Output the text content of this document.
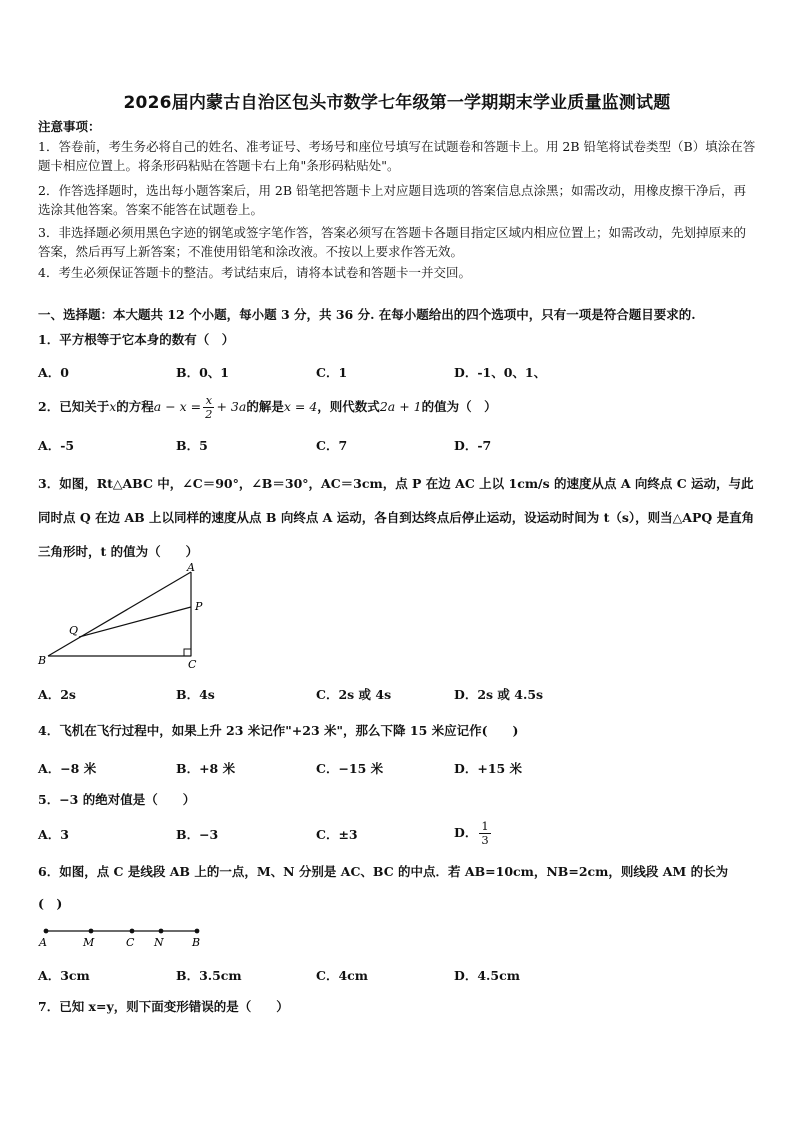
2026届内蒙古自治区包头市数学七年级第一学期期末学业质量监测试题
注意事项：
1．答卷前，考生务必将自己的姓名、准考证号、考场号和座位号填写在试题卷和答题卡上。用 2B 铅笔将试卷类型（B）填涂在答题卡相应位置上。将条形码粘贴在答题卡右上角"条形码粘贴处"。
2．作答选择题时，选出每小题答案后，用 2B 铅笔把答题卡上对应题目选项的答案信息点涂黑；如需改动，用橡皮擦干净后，再选涂其他答案。答案不能答在试题卷上。
3．非选择题必须用黑色字迹的钢笔或签字笔作答，答案必须写在答题卡各题目指定区域内相应位置上；如需改动，先划掉原来的答案，然后再写上新答案；不准使用铅笔和涂改液。不按以上要求作答无效。
4．考生必须保证答题卡的整洁。考试结束后，请将本试卷和答题卡一并交回。
一、选择题：本大题共 12 个小题，每小题 3 分，共 36 分. 在每小题给出的四个选项中，只有一项是符合题目要求的.
1．平方根等于它本身的数有（　）
A．0	B．0、1	C．1	D．-1、0、1、
2．已知关于x的方程$a - x = \frac{x}{2} + 3a$的解是x = 4，则代数式2a + 1的值为（　）
A．-5	B．5	C．7	D．-7
3．如图，Rt△ABC 中，∠C＝90°，∠B＝30°，AC＝3cm，点 P 在边 AC 上以 1cm/s 的速度从点 A 向终点 C 运动，与此同时点 Q 在边 AB 上以同样的速度从点 B 向终点 A 运动，各自到达终点后停止运动，设运动时间为 t（s），则当△APQ 是直角三角形时，t 的值为（　　）
A
B	C
P
Q
A．2s	B．4s	C．2s 或 4s	D．2s 或 4.5s
4．飞机在飞行过程中，如果上升 23 米记作"+23 米"，那么下降 15 米应记作(　　)
A．−8 米	B．+8 米	C．−15 米	D．+15 米
5．−3 的绝对值是（　　）
A．3	B．−3	C．±3	D． $\frac{1}{3}$
6．如图，点 C 是线段 AB 上的一点，M、N 分别是 AC、BC 的中点．若 AB=10cm，NB=2cm，则线段 AM 的长为
(　)
A	M	C N	B
A．3cm	B．3.5cm	C．4cm	D．4.5cm
7．已知 x=y，则下面变形错误的是（　　）
